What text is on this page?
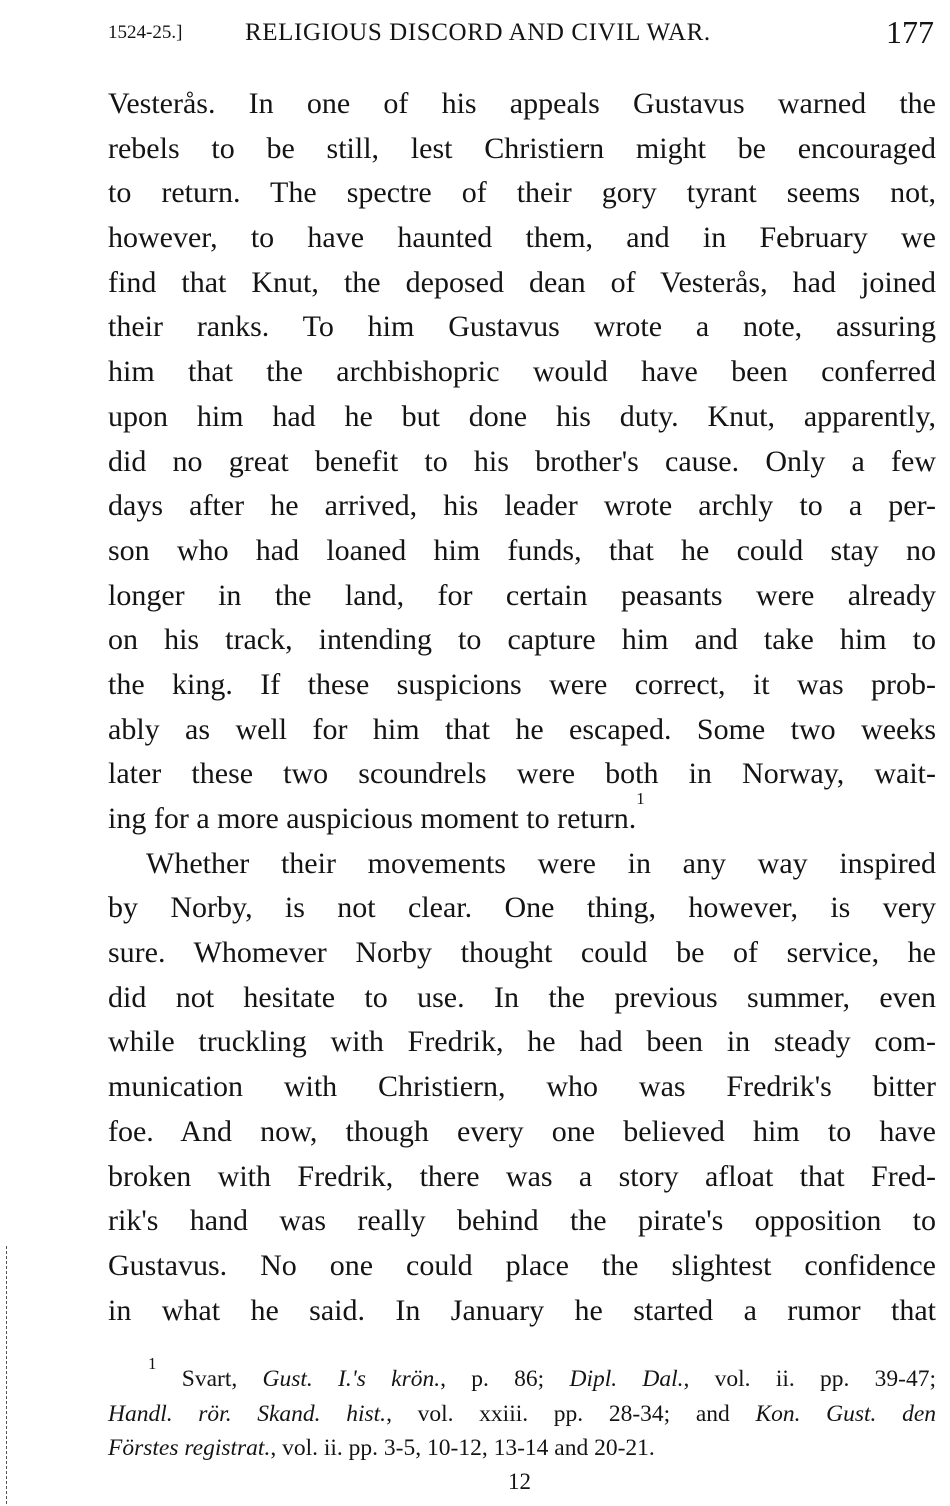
1524-25.]	RELIGIOUS DISCORD AND CIVIL WAR.	177
Vesterås. In one of his appeals Gustavus warned the
rebels to be still, lest Christiern might be encouraged
to return. The spectre of their gory tyrant seems not,
however, to have haunted them, and in February we
find that Knut, the deposed dean of Vesterås, had joined
their ranks. To him Gustavus wrote a note, assuring
him that the archbishopric would have been conferred
upon him had he but done his duty. Knut, apparently,
did no great benefit to his brother's cause. Only a few
days after he arrived, his leader wrote archly to a per-
son who had loaned him funds, that he could stay no
longer in the land, for certain peasants were already
on his track, intending to capture him and take him to
the king. If these suspicions were correct, it was prob-
ably as well for him that he escaped. Some two weeks
later these two scoundrels were both in Norway, wait-
ing for a more auspicious moment to return.$^1$
Whether their movements were in any way inspired
by Norby, is not clear. One thing, however, is very
sure. Whomever Norby thought could be of service, he
did not hesitate to use. In the previous summer, even
while truckling with Fredrik, he had been in steady com-
munication with Christiern, who was Fredrik's bitter
foe. And now, though every one believed him to have
broken with Fredrik, there was a story afloat that Fred-
rik's hand was really behind the pirate's opposition to
Gustavus. No one could place the slightest confidence
in what he said. In January he started a rumor that
$^1$ Svart, Gust. I.'s krön., p. 86; Dipl. Dal., vol. ii. pp. 39-47;
Handl. rör. Skand. hist., vol. xxiii. pp. 28-34; and Kon. Gust. den
Förstes registrat., vol. ii. pp. 3-5, 10-12, 13-14 and 20-21.
12
